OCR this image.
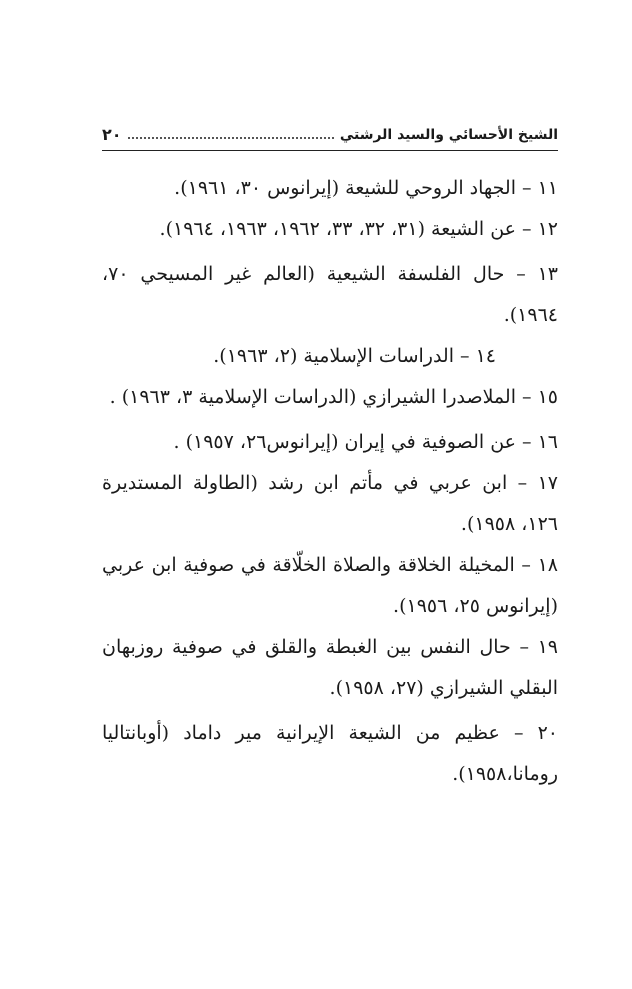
الشيخ الأحسائي والسيد الرشتي
٢٠

١١ – الجهاد الروحي للشيعة (إيرانوس ٣٠، ١٩٦١).

١٢ – عن الشيعة (٣١، ٣٢، ٣٣، ١٩٦٢، ١٩٦٣، ١٩٦٤).

١٣ – حال الفلسفة الشيعية (العالم غير المسيحي ٧٠، ١٩٦٤).

١٤ – الدراسات الإسلامية (٢، ١٩٦٣).

١٥ – الملاصدرا الشيرازي (الدراسات الإسلامية ٣، ١٩٦٣) .

١٦ – عن الصوفية في إيران (إيرانوس٢٦، ١٩٥٧) .

١٧ – ابن عربي في مأتم ابن رشد (الطاولة المستديرة ١٢٦، ١٩٥٨).

١٨ – المخيلة الخلاقة والصلاة الخلّاقة في صوفية ابن عربي (إيرانوس ٢٥، ١٩٥٦).

١٩ – حال النفس بين الغبطة والقلق في صوفية روزبهان البقلي الشيرازي (٢٧، ١٩٥٨).

٢٠ – عظيم من الشيعة الإيرانية مير داماد (أوبانتاليا رومانا،١٩٥٨).
